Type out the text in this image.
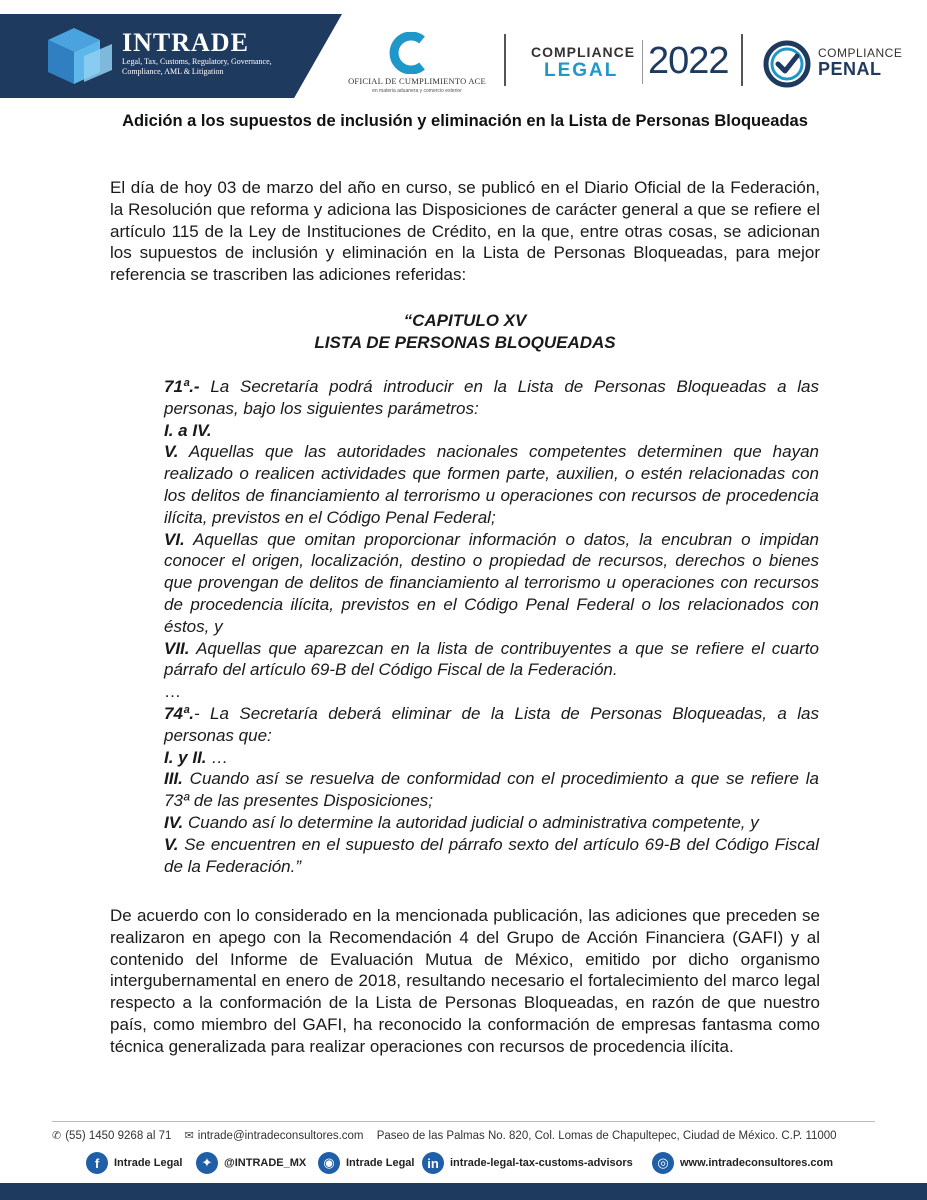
INTRADE
Legal, Tax, Customs, Regulatory, Governance, Compliance, AML & Litigation
OFICIAL DE CUMPLIMIENTO ACE
en materia aduanera y comercio exterior
COMPLIANCE
LEGAL 2022	COMPLIANCE
PENAL
Adición a los supuestos de inclusión y eliminación en la Lista de Personas Bloqueadas
El día de hoy 03 de marzo del año en curso, se publicó en el Diario Oficial de la Federación, la Resolución que reforma y adiciona las Disposiciones de carácter general a que se refiere el artículo 115 de la Ley de Instituciones de Crédito, en la que, entre otras cosas, se adicionan los supuestos de inclusión y eliminación en la Lista de Personas Bloqueadas, para mejor referencia se trascriben las adiciones referidas:
“CAPITULO XV
LISTA DE PERSONAS BLOQUEADAS

71ª.- La Secretaría podrá introducir en la Lista de Personas Bloqueadas a las personas, bajo los siguientes parámetros:

I. a IV.

V. Aquellas que las autoridades nacionales competentes determinen que hayan realizado o realicen actividades que formen parte, auxilien, o estén relacionadas con los delitos de financiamiento al terrorismo u operaciones con recursos de procedencia ilícita, previstos en el Código Penal Federal;

VI. Aquellas que omitan proporcionar información o datos, la encubran o impidan conocer el origen, localización, destino o propiedad de recursos, derechos o bienes que provengan de delitos de financiamiento al terrorismo u operaciones con recursos de procedencia ilícita, previstos en el Código Penal Federal o los relacionados con éstos, y

VII. Aquellas que aparezcan en la lista de contribuyentes a que se refiere el cuarto párrafo del artículo 69-B del Código Fiscal de la Federación.

…

74ª.- La Secretaría deberá eliminar de la Lista de Personas Bloqueadas, a las personas que:

I. y II. …

III. Cuando así se resuelva de conformidad con el procedimiento a que se refiere la 73ª de las presentes Disposiciones;

IV. Cuando así lo determine la autoridad judicial o administrativa competente, y

V. Se encuentren en el supuesto del párrafo sexto del artículo 69-B del Código Fiscal de la Federación.”

De acuerdo con lo considerado en la mencionada publicación, las adiciones que preceden se realizaron en apego con la Recomendación 4 del Grupo de Acción Financiera (GAFI) y al contenido del Informe de Evaluación Mutua de México, emitido por dicho organismo intergubernamental en enero de 2018, resultando necesario el fortalecimiento del marco legal respecto a la conformación de la Lista de Personas Bloqueadas, en razón de que nuestro país, como miembro del GAFI, ha reconocido la conformación de empresas fantasma como técnica generalizada para realizar operaciones con recursos de procedencia ilícita.
✆ (55) 1450 9268 al 71 ✉ intrade@intradeconsultores.com Paseo de las Palmas No. 820, Col. Lomas de Chapultepec, Ciudad de México. C.P. 11000
f	Intrade Legal	✦	@INTRADE_MX	◉	Intrade Legal in	intrade-legal-tax-customs-advisors	◎	www.intradeconsultores.com
